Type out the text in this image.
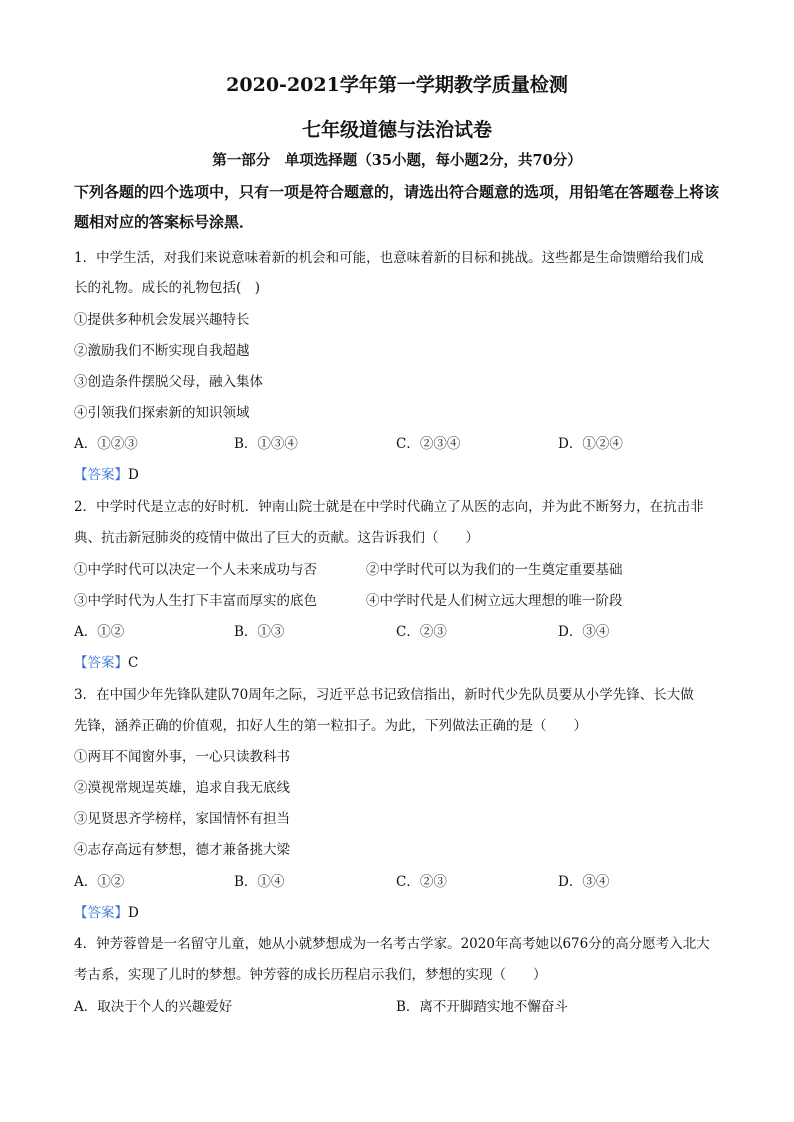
2020-2021学年第一学期教学质量检测
七年级道德与法治试卷
第一部分　单项选择题（35小题，每小题2分，共70分）
下列各题的四个选项中，只有一项是符合题意的，请选出符合题意的选项，用铅笔在答题卷上将该题相对应的答案标号涂黑．
1．中学生活，对我们来说意味着新的机会和可能，也意味着新的目标和挑战。这些都是生命馈赠给我们成
长的礼物。成长的礼物包括(　)
①提供多种机会发展兴趣特长
②激励我们不断实现自我超越
③创造条件摆脱父母，融入集体
④引领我们探索新的知识领域
A．①②③	B．①③④	C．②③④	D．①②④
【答案】D
2．中学时代是立志的好时机．钟南山院士就是在中学时代确立了从医的志向，并为此不断努力，在抗击非
典、抗击新冠肺炎的疫情中做出了巨大的贡献。这告诉我们（　　）
①中学时代可以决定一个人未来成功与否	②中学时代可以为我们的一生奠定重要基础
③中学时代为人生打下丰富而厚实的底色	④中学时代是人们树立远大理想的唯一阶段
A．①②	B．①③	C．②③	D．③④
【答案】C
3．在中国少年先锋队建队70周年之际，习近平总书记致信指出，新时代少先队员要从小学先锋、长大做
先锋，涵养正确的价值观，扣好人生的第一粒扣子。为此，下列做法正确的是（　　）
①两耳不闻窗外事，一心只读教科书
②漠视常规逞英雄，追求自我无底线
③见贤思齐学榜样，家国情怀有担当
④志存高远有梦想，德才兼备挑大梁
A．①②	B．①④	C．②③	D．③④
【答案】D
4．钟芳蓉曾是一名留守儿童，她从小就梦想成为一名考古学家。2020年高考她以676分的高分愿考入北大
考古系，实现了儿时的梦想。钟芳蓉的成长历程启示我们，梦想的实现（　　）
A．取决于个人的兴趣爱好	B．离不开脚踏实地不懈奋斗
